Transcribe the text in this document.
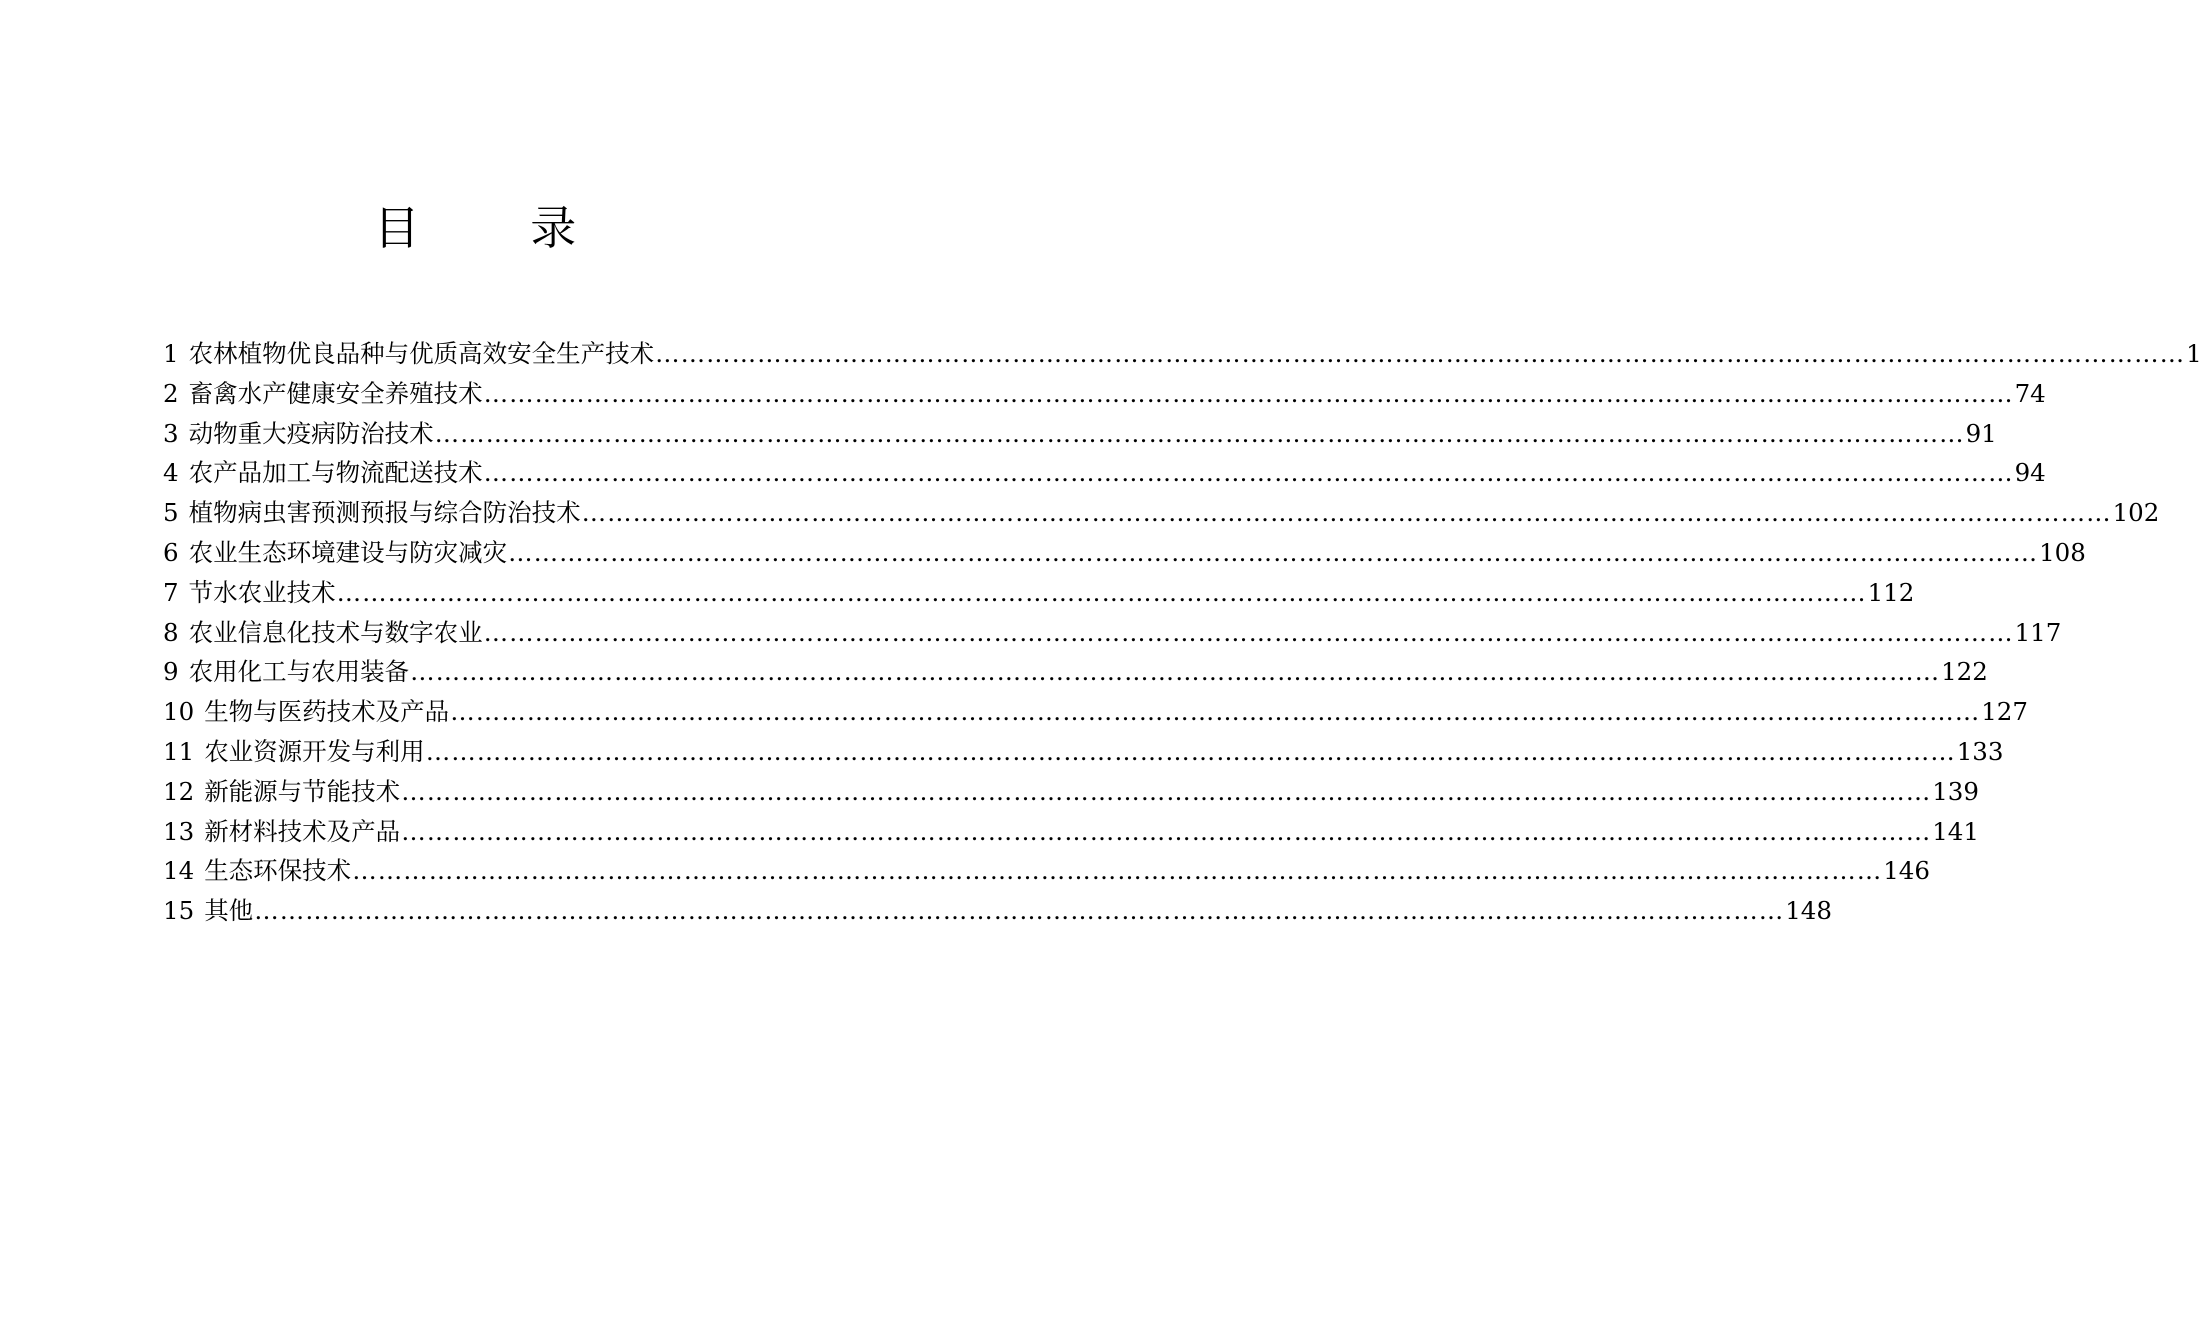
目 录
1 农林植物优良品种与优质高效安全生产技术 ……………………………………………………………………………………………………………………………………………………………… 1
2 畜禽水产健康安全养殖技术 ……………………………………………………………………………………………………………………………………………………………… 74
3 动物重大疫病防治技术 ……………………………………………………………………………………………………………………………………………………………… 91
4 农产品加工与物流配送技术 ……………………………………………………………………………………………………………………………………………………………… 94
5 植物病虫害预测预报与综合防治技术 ……………………………………………………………………………………………………………………………………………………………… 102
6 农业生态环境建设与防灾减灾 ……………………………………………………………………………………………………………………………………………………………… 108
7 节水农业技术 ……………………………………………………………………………………………………………………………………………………………… 112
8 农业信息化技术与数字农业 ……………………………………………………………………………………………………………………………………………………………… 117
9 农用化工与农用装备 ……………………………………………………………………………………………………………………………………………………………… 122
10 生物与医药技术及产品 ……………………………………………………………………………………………………………………………………………………………… 127
11 农业资源开发与利用 ……………………………………………………………………………………………………………………………………………………………… 133
12 新能源与节能技术 ……………………………………………………………………………………………………………………………………………………………… 139
13 新材料技术及产品 ……………………………………………………………………………………………………………………………………………………………… 141
14 生态环保技术 ……………………………………………………………………………………………………………………………………………………………… 146
15 其他 ……………………………………………………………………………………………………………………………………………………………… 148
